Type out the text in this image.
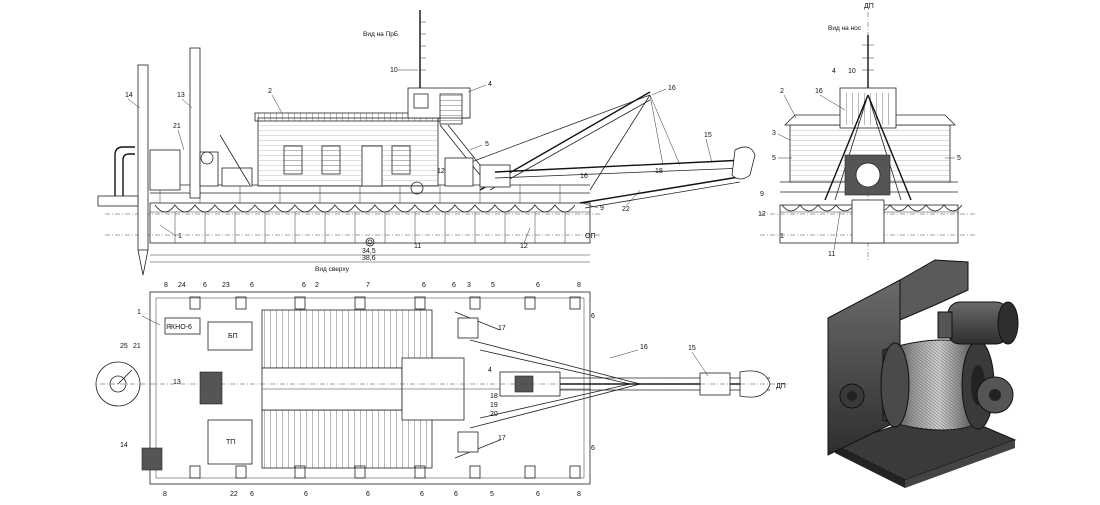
Вид на ПрБ
34,5
38,6
14	13
2
10
4
16
21
5
15
12
9	22
1
11	12
ОП
18
16
Вид на нос
ДП
4 10
2	16
3
5	5
9
12
1
11
Вид сверху
8 24 6 23	6	6 2	7	6	6 3	5	6	8
1
ЯКНО-6
БП
17
6
16	15
ДП
25 21
4
13
18
19
20
ТП
17
6
14
8	22 6	6	6	6	6	5	6	8
